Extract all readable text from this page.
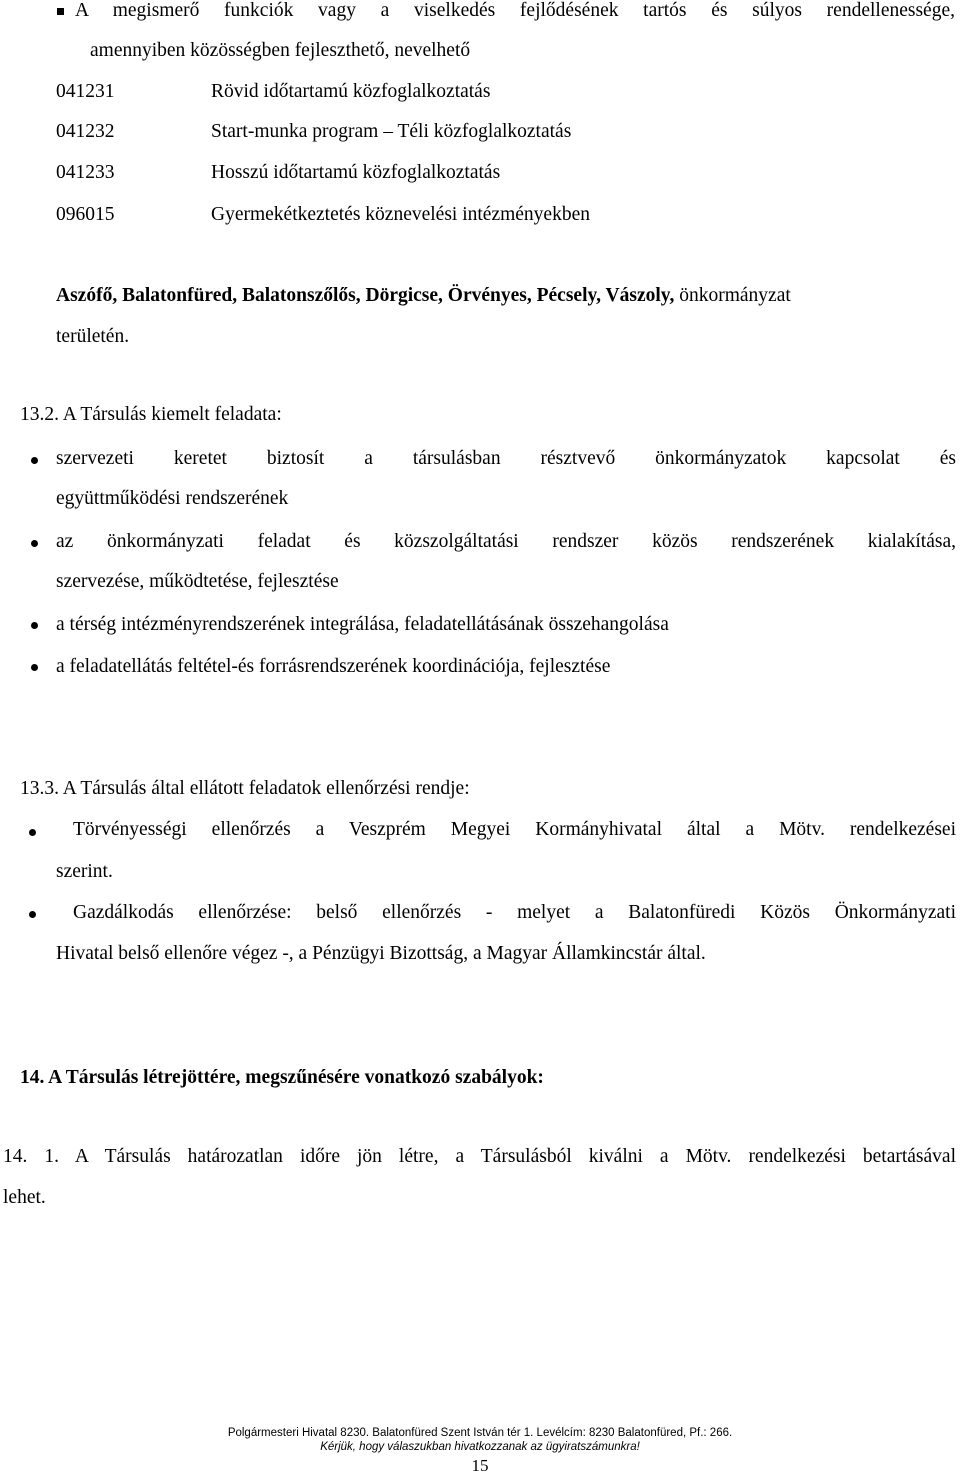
A megismerő funkciók vagy a viselkedés fejlődésének tartós és súlyos rendellenessége,
amennyiben közösségben fejleszthető, nevelhető
041231	Rövid időtartamú közfoglalkoztatás
041232	Start-munka program – Téli közfoglalkoztatás
041233	Hosszú időtartamú közfoglalkoztatás
096015	Gyermekétkeztetés köznevelési intézményekben
Aszófő, Balatonfüred, Balatonszőlős, Dörgicse, Örvényes, Pécsely, Vászoly, önkormányzat
területén.
13.2. A Társulás kiemelt feladata:
szervezeti keretet biztosít a társulásban résztvevő önkormányzatok kapcsolat és
együttműködési rendszerének
az önkormányzati feladat és közszolgáltatási rendszer közös rendszerének kialakítása,
szervezése, működtetése, fejlesztése
a térség intézményrendszerének integrálása, feladatellátásának összehangolása
a feladatellátás feltétel-és forrásrendszerének koordinációja, fejlesztése
13.3. A Társulás által ellátott feladatok ellenőrzési rendje:
Törvényességi ellenőrzés a Veszprém Megyei Kormányhivatal által a Mötv. rendelkezései
szerint.
Gazdálkodás ellenőrzése: belső ellenőrzés - melyet a Balatonfüredi Közös Önkormányzati
Hivatal belső ellenőre végez -, a Pénzügyi Bizottság, a Magyar Államkincstár által.
14. A Társulás létrejöttére, megszűnésére vonatkozó szabályok:
14. 1. A Társulás határozatlan időre jön létre, a Társulásból kiválni a Mötv. rendelkezési betartásával
lehet.
Polgármesteri Hivatal 8230. Balatonfüred Szent István tér 1. Levélcím: 8230 Balatonfüred, Pf.: 266.
Kérjük, hogy válaszukban hivatkozzanak az ügyiratszámunkra!
15
